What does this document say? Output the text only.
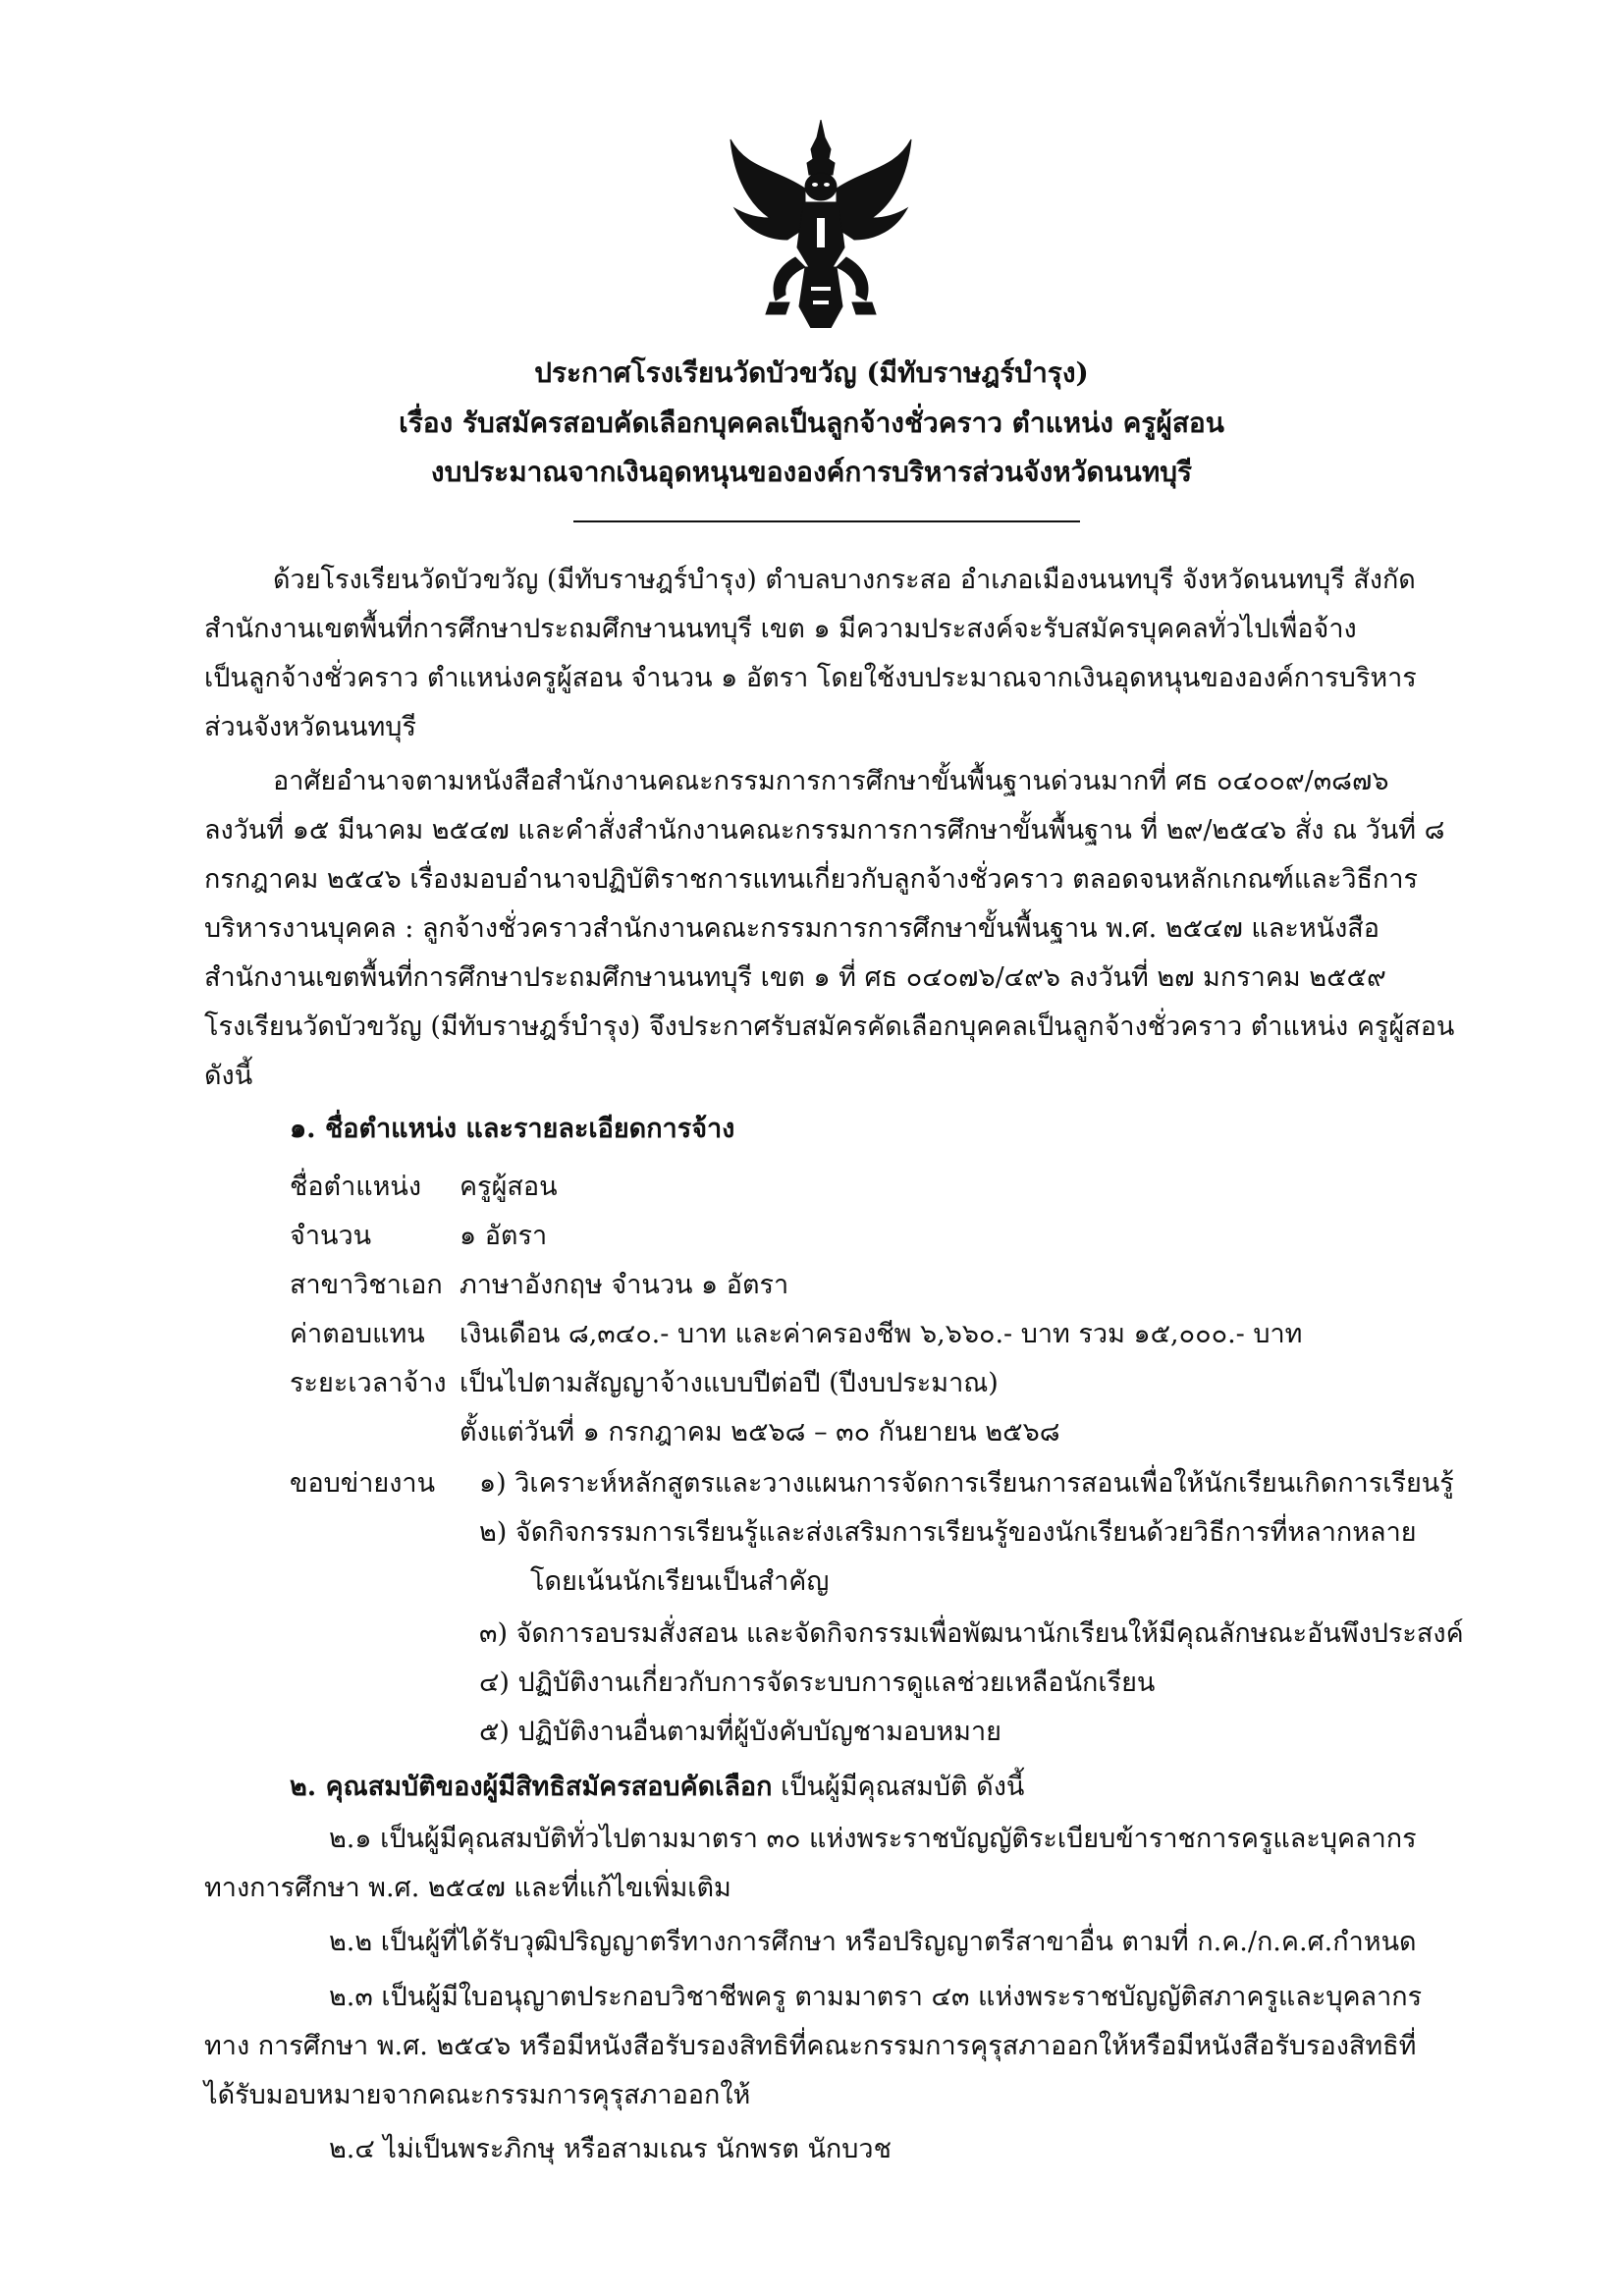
ประกาศโรงเรียนวัดบัวขวัญ (มีทับราษฎร์บำรุง)
เรื่อง รับสมัครสอบคัดเลือกบุคคลเป็นลูกจ้างชั่วคราว ตำแหน่ง ครูผู้สอน
งบประมาณจากเงินอุดหนุนขององค์การบริหารส่วนจังหวัดนนทบุรี
ด้วยโรงเรียนวัดบัวขวัญ (มีทับราษฎร์บำรุง) ตำบลบางกระสอ อำเภอเมืองนนทบุรี จังหวัดนนทบุรี สังกัด
สำนักงานเขตพื้นที่การศึกษาประถมศึกษานนทบุรี เขต ๑ มีความประสงค์จะรับสมัครบุคคลทั่วไปเพื่อจ้าง
เป็นลูกจ้างชั่วคราว ตำแหน่งครูผู้สอน จำนวน ๑ อัตรา โดยใช้งบประมาณจากเงินอุดหนุนขององค์การบริหาร
ส่วนจังหวัดนนทบุรี
อาศัยอำนาจตามหนังสือสำนักงานคณะกรรมการการศึกษาขั้นพื้นฐานด่วนมากที่ ศธ ๐๔๐๐๙/๓๘๗๖
ลงวันที่ ๑๕ มีนาคม ๒๕๔๗ และคำสั่งสำนักงานคณะกรรมการการศึกษาขั้นพื้นฐาน ที่ ๒๙/๒๕๔๖ สั่ง ณ วันที่ ๘
กรกฎาคม ๒๕๔๖ เรื่องมอบอำนาจปฏิบัติราชการแทนเกี่ยวกับลูกจ้างชั่วคราว ตลอดจนหลักเกณฑ์และวิธีการ
บริหารงานบุคคล : ลูกจ้างชั่วคราวสำนักงานคณะกรรมการการศึกษาขั้นพื้นฐาน พ.ศ. ๒๕๔๗ และหนังสือ
สำนักงานเขตพื้นที่การศึกษาประถมศึกษานนทบุรี เขต ๑ ที่ ศธ ๐๔๐๗๖/๔๙๖ ลงวันที่ ๒๗ มกราคม ๒๕๕๙
โรงเรียนวัดบัวขวัญ (มีทับราษฎร์บำรุง) จึงประกาศรับสมัครคัดเลือกบุคคลเป็นลูกจ้างชั่วคราว ตำแหน่ง ครูผู้สอน
ดังนี้
๑. ชื่อตำแหน่ง และรายละเอียดการจ้าง
ชื่อตำแหน่ง ครูผู้สอน
จำนวน	๑ อัตรา
สาขาวิชาเอก ภาษาอังกฤษ จำนวน ๑ อัตรา
ค่าตอบแทน เงินเดือน ๘,๓๔๐.- บาท และค่าครองชีพ ๖,๖๖๐.- บาท รวม ๑๕,๐๐๐.- บาท
ระยะเวลาจ้าง เป็นไปตามสัญญาจ้างแบบปีต่อปี (ปีงบประมาณ)
ตั้งแต่วันที่ ๑ กรกฎาคม ๒๕๖๘ – ๓๐ กันยายน ๒๕๖๘
ขอบข่ายงาน ๑) วิเคราะห์หลักสูตรและวางแผนการจัดการเรียนการสอนเพื่อให้นักเรียนเกิดการเรียนรู้
๒) จัดกิจกรรมการเรียนรู้และส่งเสริมการเรียนรู้ของนักเรียนด้วยวิธีการที่หลากหลาย
โดยเน้นนักเรียนเป็นสำคัญ
๓) จัดการอบรมสั่งสอน และจัดกิจกรรมเพื่อพัฒนานักเรียนให้มีคุณลักษณะอันพึงประสงค์
๔) ปฏิบัติงานเกี่ยวกับการจัดระบบการดูแลช่วยเหลือนักเรียน
๕) ปฏิบัติงานอื่นตามที่ผู้บังคับบัญชามอบหมาย
๒. คุณสมบัติของผู้มีสิทธิสมัครสอบคัดเลือก เป็นผู้มีคุณสมบัติ ดังนี้
๒.๑ เป็นผู้มีคุณสมบัติทั่วไปตามมาตรา ๓๐ แห่งพระราชบัญญัติระเบียบข้าราชการครูและบุคลากร
ทางการศึกษา พ.ศ. ๒๕๔๗ และที่แก้ไขเพิ่มเติม
๒.๒ เป็นผู้ที่ได้รับวุฒิปริญญาตรีทางการศึกษา หรือปริญญาตรีสาขาอื่น ตามที่ ก.ค./ก.ค.ศ.กำหนด
๒.๓ เป็นผู้มีใบอนุญาตประกอบวิชาชีพครู ตามมาตรา ๔๓ แห่งพระราชบัญญัติสภาครูและบุคลากร
ทาง การศึกษา พ.ศ. ๒๕๔๖ หรือมีหนังสือรับรองสิทธิที่คณะกรรมการคุรุสภาออกให้หรือมีหนังสือรับรองสิทธิที่
ได้รับมอบหมายจากคณะกรรมการคุรุสภาออกให้
๒.๔ ไม่เป็นพระภิกษุ หรือสามเณร นักพรต นักบวช
